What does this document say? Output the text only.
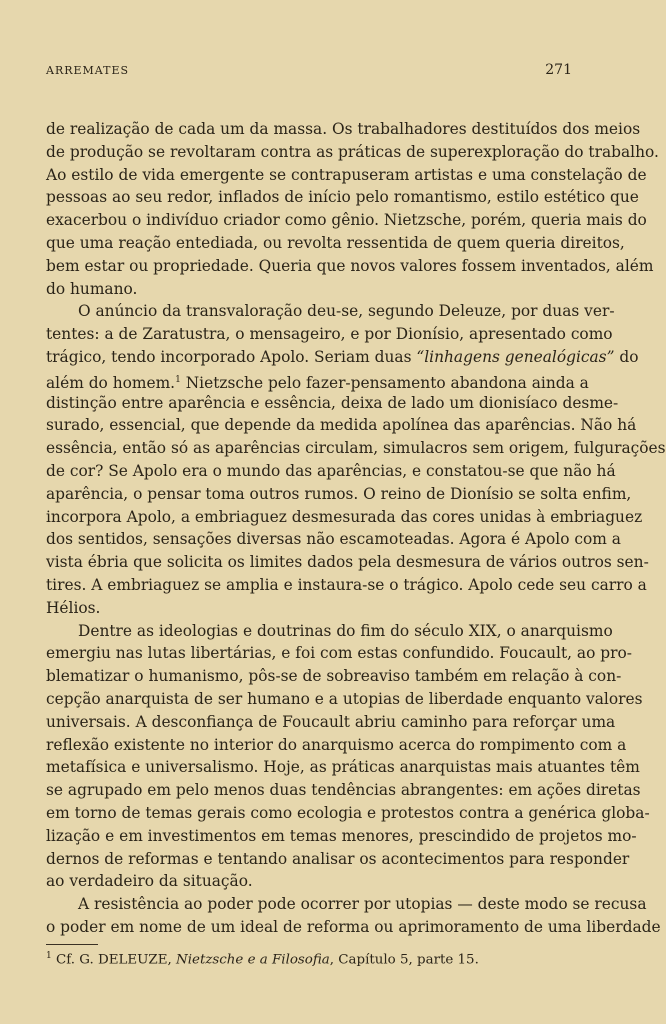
ARREMATES	271
de realização de cada um da massa. Os trabalhadores destituídos dos meios
de produção se revoltaram contra as práticas de superexploração do trabalho.
Ao estilo de vida emergente se contrapuseram artistas e uma constelação de
pessoas ao seu redor, inflados de início pelo romantismo, estilo estético que
exacerbou o indivíduo criador como gênio. Nietzsche, porém, queria mais do
que uma reação entediada, ou revolta ressentida de quem queria direitos,
bem estar ou propriedade. Queria que novos valores fossem inventados, além
do humano.
O anúncio da transvaloração deu-se, segundo Deleuze, por duas ver-
tentes: a de Zaratustra, o mensageiro, e por Dionísio, apresentado como
trágico, tendo incorporado Apolo. Seriam duas “linhagens genealógicas” do
além do homem.$^1$ Nietzsche pelo fazer-pensamento abandona ainda a
distinção entre aparência e essência, deixa de lado um dionisíaco desme-
surado, essencial, que depende da medida apolínea das aparências. Não há
essência, então só as aparências circulam, simulacros sem origem, fulgurações
de cor? Se Apolo era o mundo das aparências, e constatou-se que não há
aparência, o pensar toma outros rumos. O reino de Dionísio se solta enfim,
incorpora Apolo, a embriaguez desmesurada das cores unidas à embriaguez
dos sentidos, sensações diversas não escamoteadas. Agora é Apolo com a
vista ébria que solicita os limites dados pela desmesura de vários outros sen-
tires. A embriaguez se amplia e instaura-se o trágico. Apolo cede seu carro a
Hélios.
Dentre as ideologias e doutrinas do fim do século XIX, o anarquismo
emergiu nas lutas libertárias, e foi com estas confundido. Foucault, ao pro-
blematizar o humanismo, pôs-se de sobreaviso também em relação à con-
cepção anarquista de ser humano e a utopias de liberdade enquanto valores
universais. A desconfiança de Foucault abriu caminho para reforçar uma
reflexão existente no interior do anarquismo acerca do rompimento com a
metafísica e universalismo. Hoje, as práticas anarquistas mais atuantes têm
se agrupado em pelo menos duas tendências abrangentes: em ações diretas
em torno de temas gerais como ecologia e protestos contra a genérica globa-
lização e em investimentos em temas menores, prescindido de projetos mo-
dernos de reformas e tentando analisar os acontecimentos para responder
ao verdadeiro da situação.
A resistência ao poder pode ocorrer por utopias — deste modo se recusa
o poder em nome de um ideal de reforma ou aprimoramento de uma liberdade
$^1$ Cf. G. DELEUZE, Nietzsche e a Filosofia, Capítulo 5, parte 15.
